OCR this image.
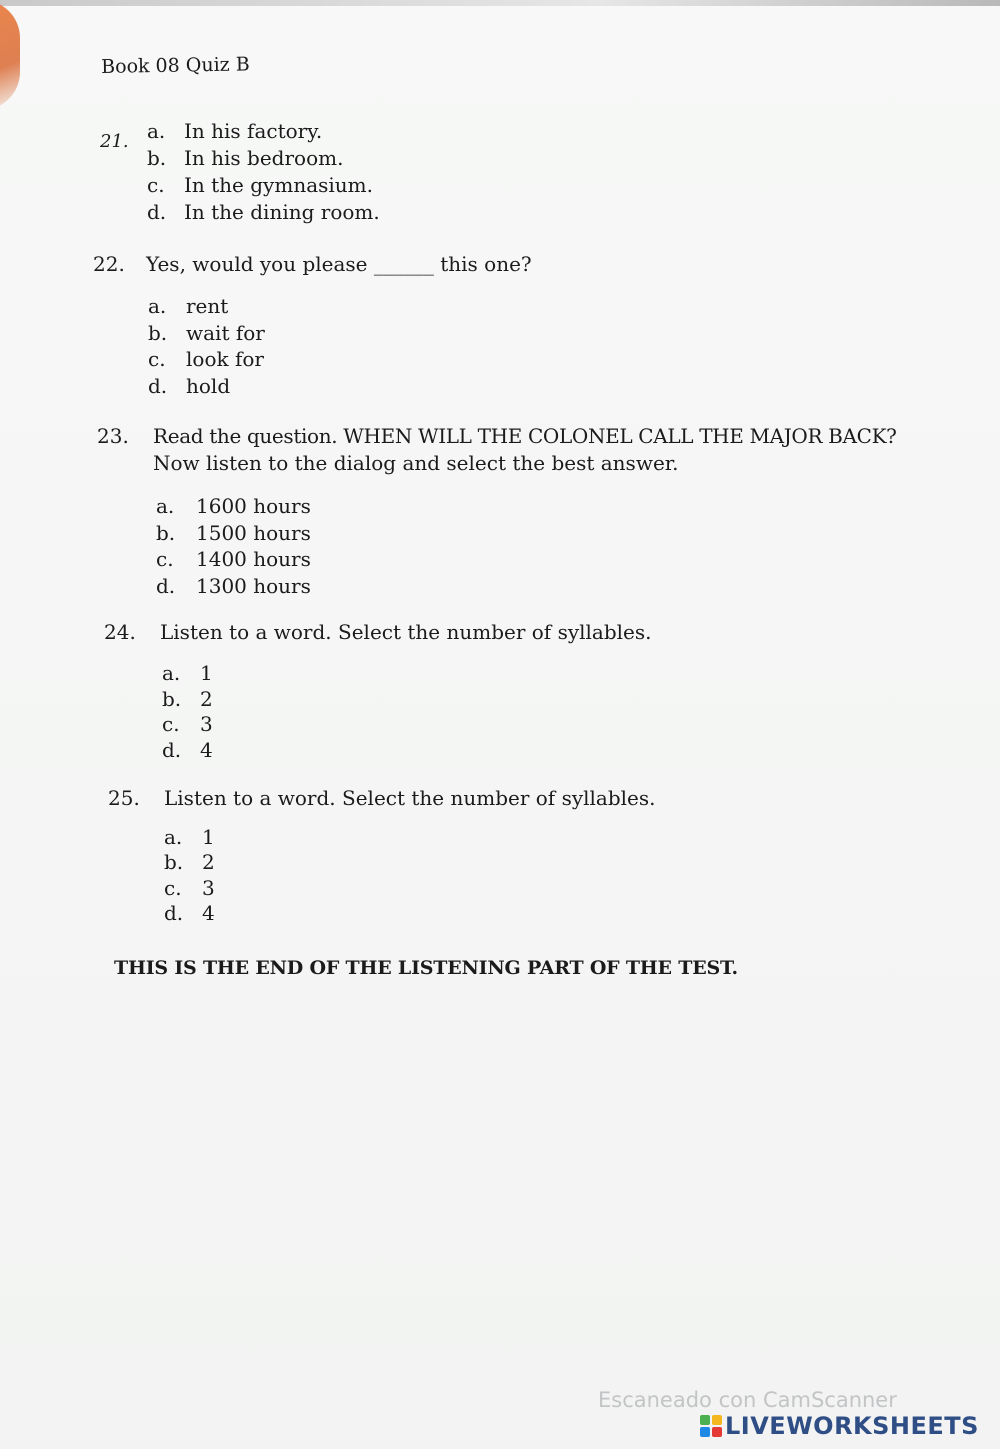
Book 08 Quiz B
21. a. In his factory.
b. In his bedroom.
c. In the gymnasium.
d. In the dining room.
22. Yes, would you please ______ this one?
a. rent
b. wait for
c.	look for
d. hold
23. Read the question. WHEN WILL THE COLONEL CALL THE MAJOR BACK?
Now listen to the dialog and select the best answer.
a.	1600 hours
b.	1500 hours
c.	1400 hours
d.	1300 hours
24. Listen to a word. Select the number of syllables.
a. 1
b. 2
c.	3
d. 4
25. Listen to a word. Select the number of syllables.
a. 1
b. 2
c.	3
d. 4
THIS IS THE END OF THE LISTENING PART OF THE TEST.
Escaneado con CamScanner
LIVEWORKSHEETS
